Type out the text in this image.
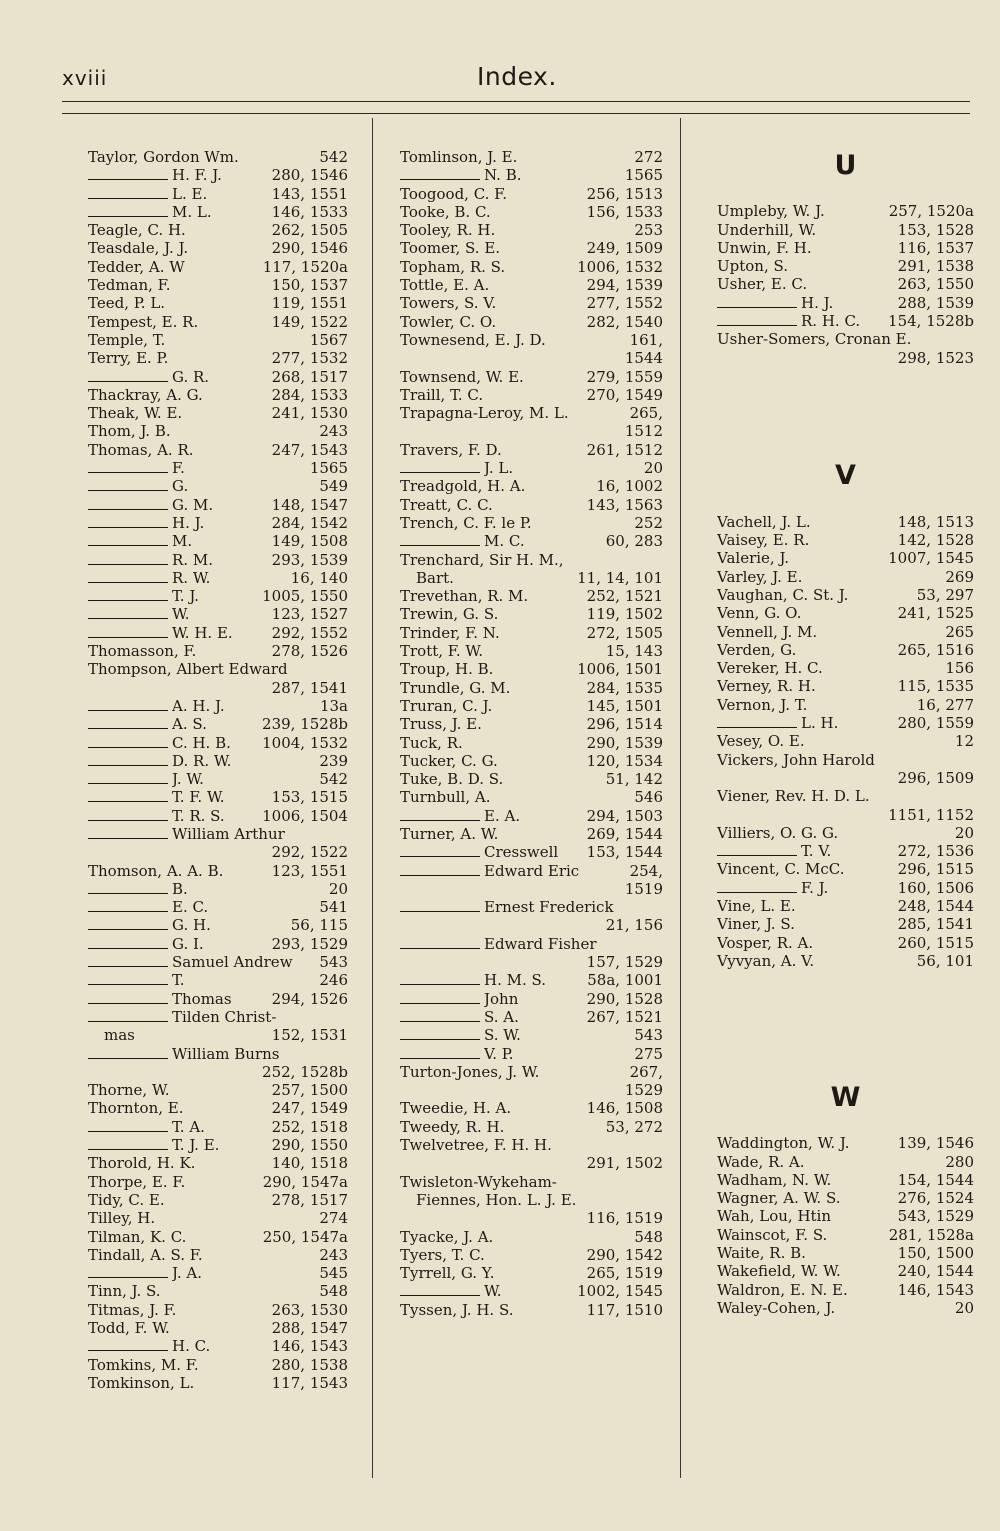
xviii	Index.
Taylor, Gordon Wm.	542
H. F. J.	280, 1546
L. E.	143, 1551
M. L.	146, 1533
Teagle, C. H.	262, 1505
Teasdale, J. J.	290, 1546
Tedder, A. W	117, 1520a
Tedman, F.	150, 1537
Teed, P. L.	119, 1551
Tempest, E. R.	149, 1522
Temple, T.	1567
Terry, E. P.	277, 1532
G. R.	268, 1517
Thackray, A. G.	284, 1533
Theak, W. E.	241, 1530
Thom, J. B.	243
Thomas, A. R.	247, 1543
F.	1565
G.	549
G. M.	148, 1547
H. J.	284, 1542
M.	149, 1508
R. M.	293, 1539
R. W.	16, 140
T. J.	1005, 1550
W.	123, 1527
W. H. E.	292, 1552
Thomasson, F.	278, 1526
Thompson, Albert Edward
287, 1541
A. H. J.	13a
A. S.	239, 1528b
C. H. B. 1004, 1532
D. R. W.	239
J. W.	542
T. F. W.	153, 1515
T. R. S. 1006, 1504
William Arthur
292, 1522
Thomson, A. A. B.	123, 1551
B.	20
E. C.	541
G. H.	56, 115
G. I.	293, 1529
Samuel Andrew 543
T.	246
Thomas	294, 1526
Tilden Christ-
mas	152, 1531
William Burns
252, 1528b
Thorne, W.	257, 1500
Thornton, E.	247, 1549
T. A.	252, 1518
T. J. E.	290, 1550
Thorold, H. K.	140, 1518
Thorpe, E. F.	290, 1547a
Tidy, C. E.	278, 1517
Tilley, H.	274
Tilman, K. C.	250, 1547a
Tindall, A. S. F.	243
J. A.	545
Tinn, J. S.	548
Titmas, J. F.	263, 1530
Todd, F. W.	288, 1547
H. C.	146, 1543
Tomkins, M. F.	280, 1538
Tomkinson, L.	117, 1543
Tomlinson, J. E.	272
N. B.	1565
Toogood, C. F.	256, 1513
Tooke, B. C.	156, 1533
Tooley, R. H.	253
Toomer, S. E.	249, 1509
Topham, R. S.	1006, 1532
Tottle, E. A.	294, 1539
Towers, S. V.	277, 1552
Towler, C. O.	282, 1540
Townesend, E. J. D.	161,
1544
Townsend, W. E.	279, 1559
Traill, T. C.	270, 1549
Trapagna-Leroy, M. L.	265,
1512
Travers, F. D.	261, 1512
J. L.	20
Treadgold, H. A.	16, 1002
Treatt, C. C.	143, 1563
Trench, C. F. le P.	252
M. C.	60, 283
Trenchard, Sir H. M.,
Bart.	11, 14, 101
Trevethan, R. M.	252, 1521
Trewin, G. S.	119, 1502
Trinder, F. N.	272, 1505
Trott, F. W.	15, 143
Troup, H. B.	1006, 1501
Trundle, G. M.	284, 1535
Truran, C. J.	145, 1501
Truss, J. E.	296, 1514
Tuck, R.	290, 1539
Tucker, C. G.	120, 1534
Tuke, B. D. S.	51, 142
Turnbull, A.	546
E. A.	294, 1503
Turner, A. W.	269, 1544
Cresswell 153, 1544
Edward Eric	254,
1519
Ernest Frederick
21, 156
Edward Fisher
157, 1529
H. M. S.	58a, 1001
John	290, 1528
S. A.	267, 1521
S. W.	543
V. P.	275
Turton-Jones, J. W.	267,
1529
Tweedie, H. A.	146, 1508
Tweedy, R. H.	53, 272
Twelvetree, F. H. H.
291, 1502
Twisleton-Wykeham-
Fiennes, Hon. L. J. E.
116, 1519
Tyacke, J. A.	548
Tyers, T. C.	290, 1542
Tyrrell, G. Y.	265, 1519
W.	1002, 1545
Tyssen, J. H. S.	117, 1510
U
Umpleby, W. J.	257, 1520a
Underhill, W.	153, 1528
Unwin, F. H.	116, 1537
Upton, S.	291, 1538
Usher, E. C.	263, 1550
H. J.	288, 1539
R. H. C. 154, 1528b
Usher-Somers, Cronan E.
298, 1523
V
Vachell, J. L.	148, 1513
Vaisey, E. R.	142, 1528
Valerie, J.	1007, 1545
Varley, J. E.	269
Vaughan, C. St. J.	53, 297
Venn, G. O.	241, 1525
Vennell, J. M.	265
Verden, G.	265, 1516
Vereker, H. C.	156
Verney, R. H.	115, 1535
Vernon, J. T.	16, 277
L. H.	280, 1559
Vesey, O. E.	12
Vickers, John Harold
296, 1509
Viener, Rev. H. D. L.
1151, 1152
Villiers, O. G. G.	20
T. V.	272, 1536
Vincent, C. McC.	296, 1515
F. J.	160, 1506
Vine, L. E.	248, 1544
Viner, J. S.	285, 1541
Vosper, R. A.	260, 1515
Vyvyan, A. V.	56, 101
W
Waddington, W. J.	139, 1546
Wade, R. A.	280
Wadham, N. W.	154, 1544
Wagner, A. W. S.	276, 1524
Wah, Lou, Htin	543, 1529
Wainscot, F. S.	281, 1528a
Waite, R. B.	150, 1500
Wakefield, W. W.	240, 1544
Waldron, E. N. E.	146, 1543
Waley-Cohen, J.	20
